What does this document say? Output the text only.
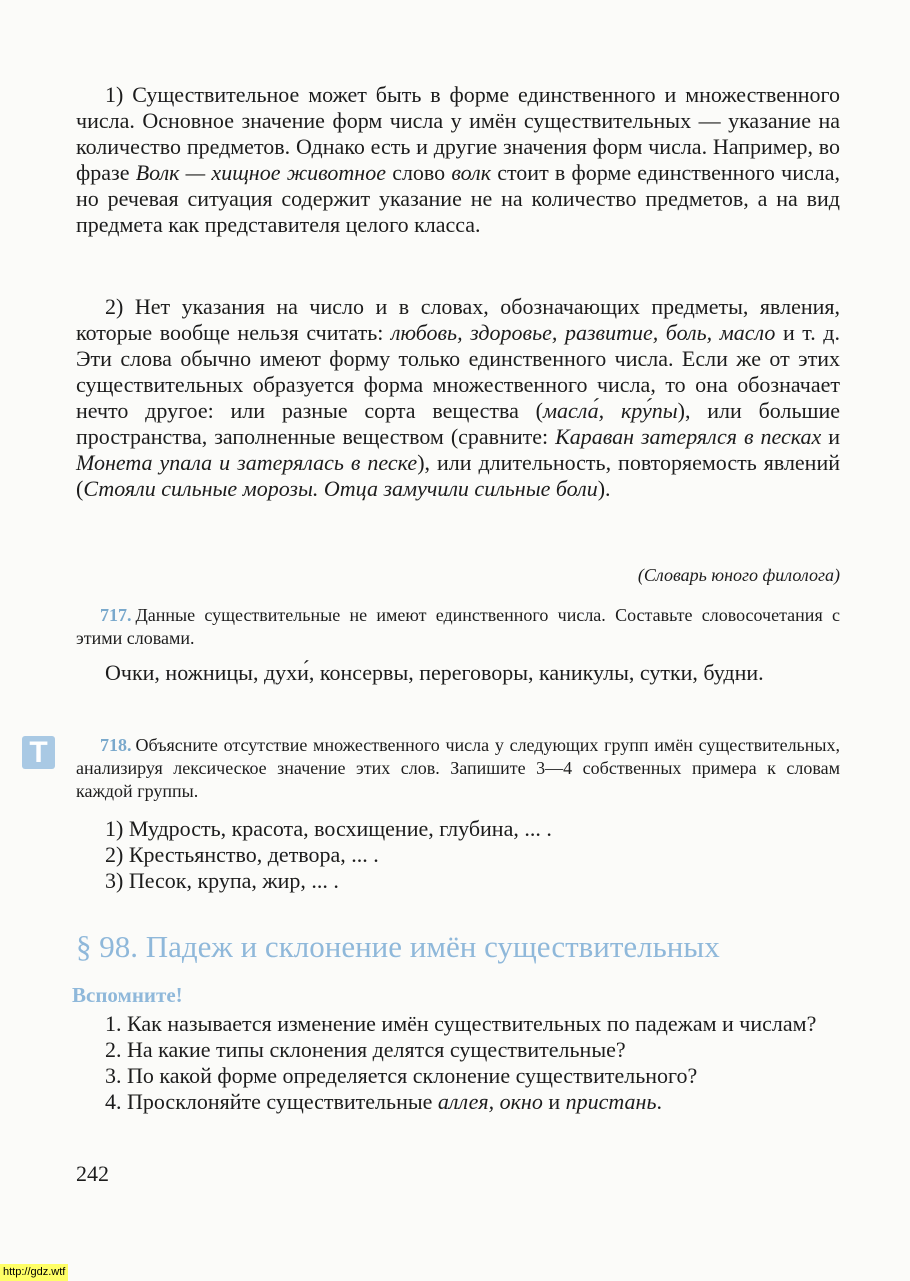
1) Существительное может быть в форме единственного и множественного числа. Основное значение форм числа у имён существительных — указание на количество предметов. Однако есть и другие значения форм числа. Например, во фразе Волк — хищное животное слово волк стоит в форме единственного числа, но речевая ситуация содержит указание не на количество предметов, а на вид предмета как представителя целого класса.

2) Нет указания на число и в словах, обозначающих предметы, явления, которые вообще нельзя считать: любовь, здоровье, развитие, боль, масло и т. д. Эти слова обычно имеют форму только единственного числа. Если же от этих существительных образуется форма множественного числа, то она обозначает нечто другое: или разные сорта вещества (масла́, кру́пы), или большие пространства, заполненные веществом (сравните: Караван затерялся в песках и Монета упала и затерялась в песке), или длительность, повторяемость явлений (Стояли сильные морозы. Отца замучили сильные боли).

(Словарь юного филолога)

717. Данные существительные не имеют единственного числа. Составьте словосочетания с этими словами.

Очки, ножницы, духи́, консервы, переговоры, каникулы, сутки, будни.

Т	718. Объясните отсутствие множественного числа у следующих групп имён существительных, анализируя лексическое значение этих слов. Запишите 3—4 собственных примера к словам каждой группы.

1) Мудрость, красота, восхищение, глубина, ... .
2) Крестьянство, детвора, ... .
3) Песок, крупа, жир, ... .
§ 98. Падеж и склонение имён существительных
Вспомните!
1. Как называется изменение имён существительных по падежам и числам?
2. На какие типы склонения делятся существительные?
3. По какой форме определяется склонение существительного?
4. Просклоняйте существительные аллея, окно и пристань.
242
http://gdz.wtf
